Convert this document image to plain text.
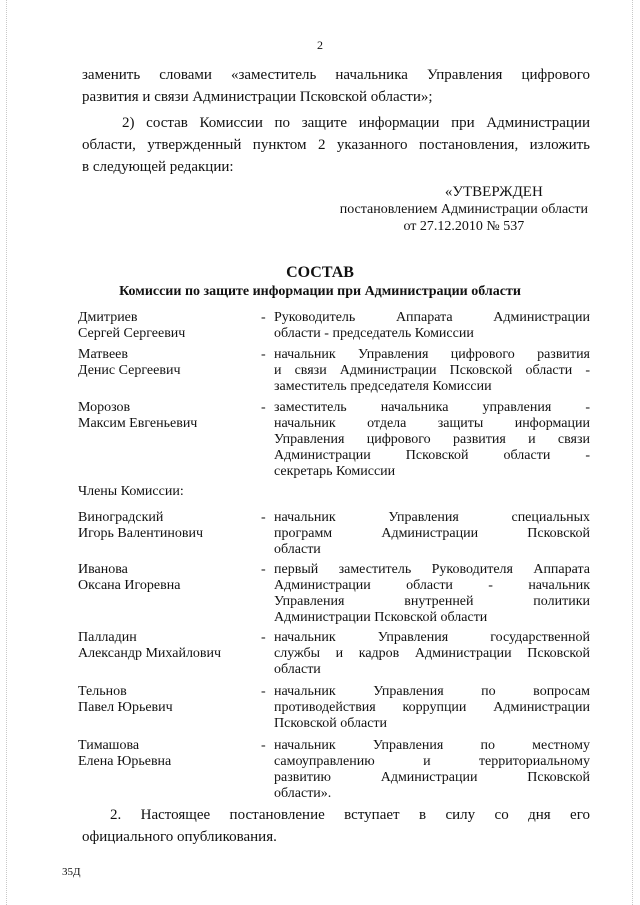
2
заменить словами «заместитель начальника Управления цифрового
развития и связи Администрации Псковской области»;
2) состав Комиссии по защите информации при Администрации
области, утвержденный пунктом 2 указанного постановления, изложить
в следующей редакции:
«УТВЕРЖДЕН
постановлением Администрации области
от 27.12.2010 № 537
СОСТАВ
Комиссии по защите информации при Администрации области
Дмитриев
Сергей Сергеевич
- Руководитель Аппарата Администрации
области - председатель Комиссии
Матвеев
Денис Сергеевич
- начальник Управления цифрового развития
и связи Администрации Псковской области -
заместитель председателя Комиссии
Морозов
Максим Евгеньевич
- заместитель начальника управления -
начальник отдела защиты информации
Управления цифрового развития и связи
Администрации Псковской области -
секретарь Комиссии
Члены Комиссии:
Виноградский
Игорь Валентинович
- начальник Управления специальных
программ Администрации Псковской
области
Иванова
Оксана Игоревна
- первый заместитель Руководителя Аппарата
Администрации области - начальник
Управления внутренней политики
Администрации Псковской области
Палладин
Александр Михайлович
- начальник Управления государственной
службы и кадров Администрации Псковской
области
Тельнов
Павел Юрьевич
- начальник Управления по вопросам
противодействия коррупции Администрации
Псковской области
Тимашова
Елена Юрьевна
- начальник Управления по местному
самоуправлению и территориальному
развитию Администрации Псковской
области».
2. Настоящее постановление вступает в силу со дня его
официального опубликования.
35Д
